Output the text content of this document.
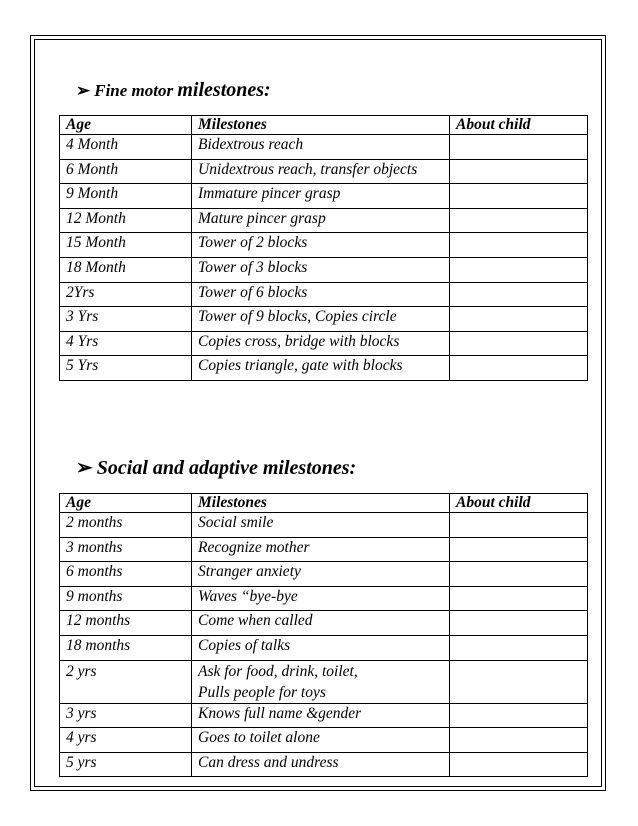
➢ Fine motor milestones:
Age	Milestones	About child
4 Month	Bidextrous reach	
6 Month	Unidextrous reach, transfer objects	
9 Month	Immature pincer grasp	
12 Month	Mature pincer grasp	
15 Month	Tower of 2 blocks	
18 Month	Tower of 3 blocks	
2Yrs	Tower of 6 blocks	
3 Yrs	Tower of 9 blocks, Copies circle	
4 Yrs	Copies cross, bridge with blocks	
5 Yrs	Copies triangle, gate with blocks	
➢ Social and adaptive milestones:
Age	Milestones	About child
2 months	Social smile	
3 months	Recognize mother	
6 months	Stranger anxiety	
9 months	Waves “bye-bye	
12 months	Come when called	
18 months	Copies of talks	
2 yrs	Ask for food, drink, toilet,
Pulls people for toys	
3 yrs	Knows full name &gender	
4 yrs	Goes to toilet alone	
5 yrs	Can dress and undress	
